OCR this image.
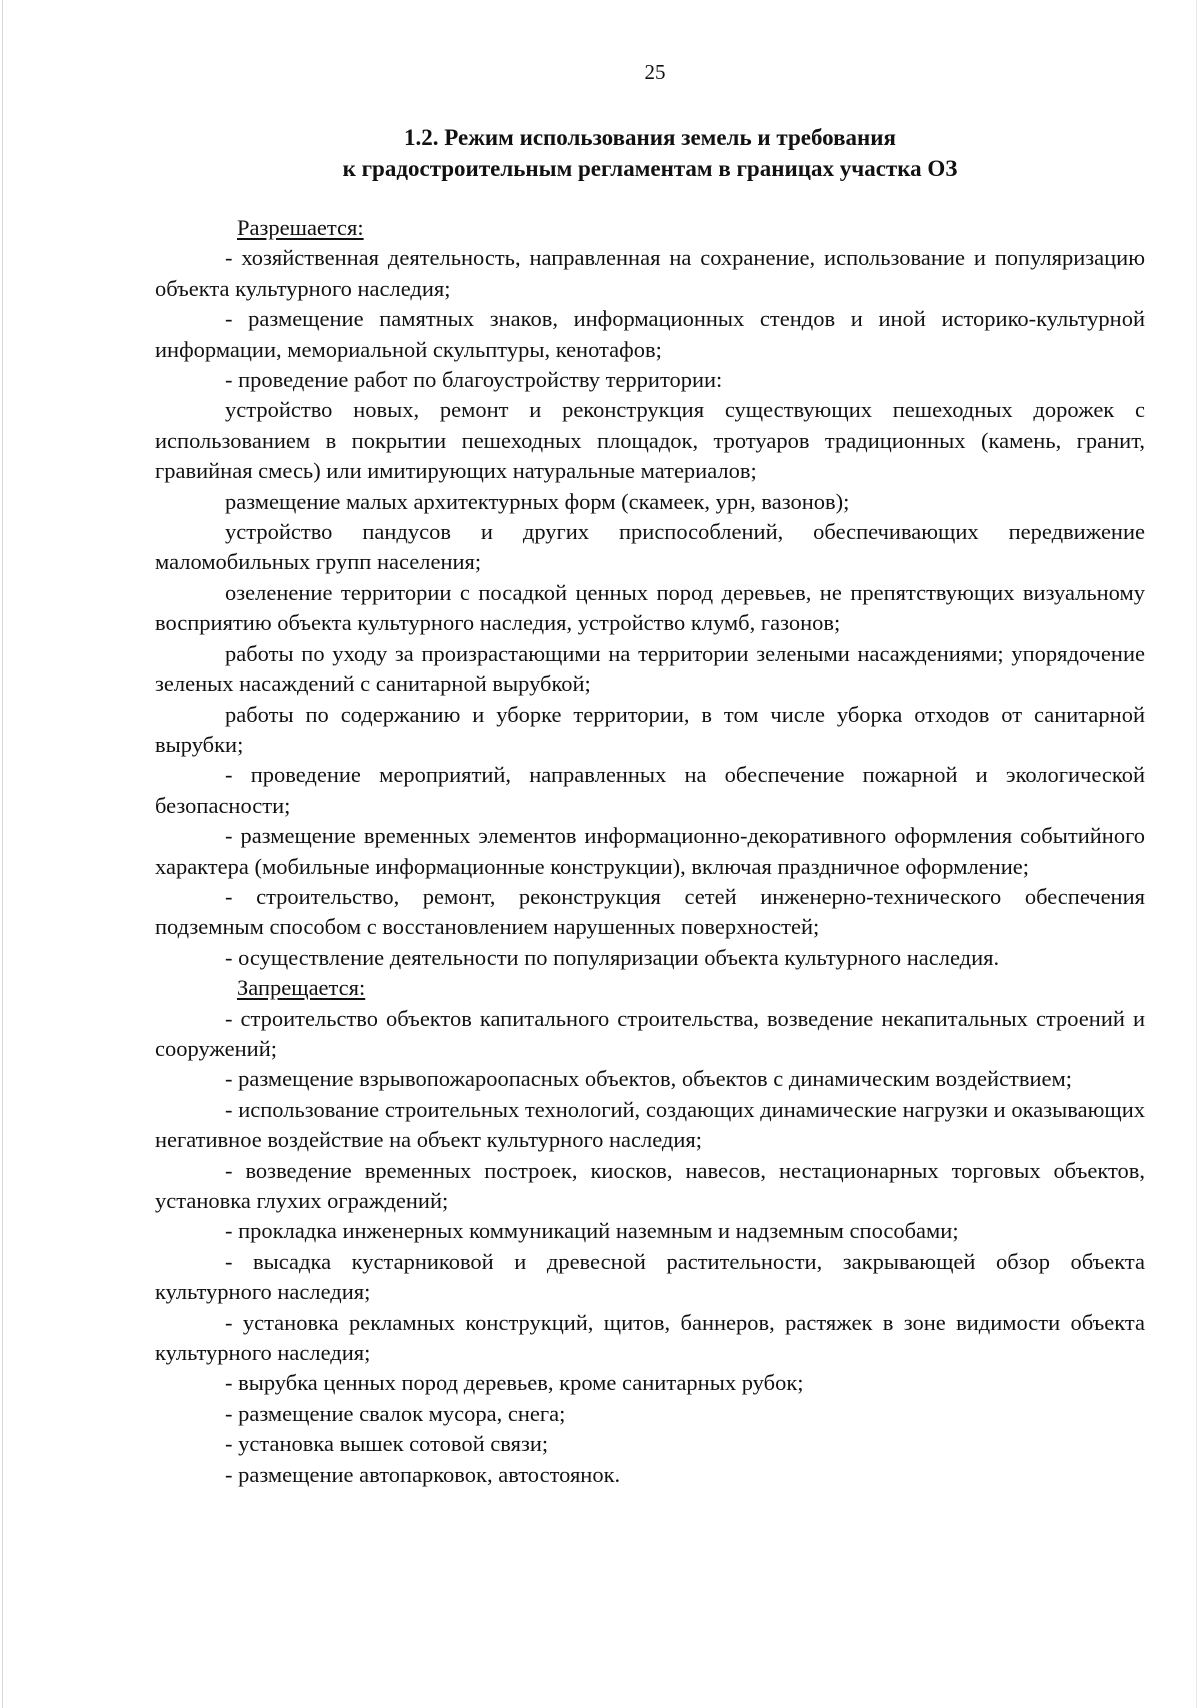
25
1.2. Режим использования земель и требования
к градостроительным регламентам в границах участка ОЗ

Разрешается:

- хозяйственная деятельность, направленная на сохранение, использование и популяризацию объекта культурного наследия;

- размещение памятных знаков, информационных стендов и иной историко-культурной информации, мемориальной скульптуры, кенотафов;

- проведение работ по благоустройству территории:

устройство новых, ремонт и реконструкция существующих пешеходных дорожек с использованием в покрытии пешеходных площадок, тротуаров традиционных (камень, гранит, гравийная смесь) или имитирующих натуральные материалов;

размещение малых архитектурных форм (скамеек, урн, вазонов);

устройство пандусов и других приспособлений, обеспечивающих передвижение маломобильных групп населения;

озеленение территории с посадкой ценных пород деревьев, не препятствующих визуальному восприятию объекта культурного наследия, устройство клумб, газонов;

работы по уходу за произрастающими на территории зелеными насаждениями; упорядочение зеленых насаждений с санитарной вырубкой;

работы по содержанию и уборке территории, в том числе уборка отходов от санитарной вырубки;

- проведение мероприятий, направленных на обеспечение пожарной и экологической безопасности;

- размещение временных элементов информационно-декоративного оформления событийного характера (мобильные информационные конструкции), включая праздничное оформление;

- строительство, ремонт, реконструкция сетей инженерно-технического обеспечения подземным способом с восстановлением нарушенных поверхностей;

- осуществление деятельности по популяризации объекта культурного наследия.

Запрещается:

- строительство объектов капитального строительства, возведение некапитальных строений и сооружений;

- размещение взрывопожароопасных объектов, объектов с динамическим воздействием;

- использование строительных технологий, создающих динамические нагрузки и оказывающих негативное воздействие на объект культурного наследия;

- возведение временных построек, киосков, навесов, нестационарных торговых объектов, установка глухих ограждений;

- прокладка инженерных коммуникаций наземным и надземным способами;

- высадка кустарниковой и древесной растительности, закрывающей обзор объекта культурного наследия;

- установка рекламных конструкций, щитов, баннеров, растяжек в зоне видимости объекта культурного наследия;

- вырубка ценных пород деревьев, кроме санитарных рубок;

- размещение свалок мусора, снега;

- установка вышек сотовой связи;

- размещение автопарковок, автостоянок.
